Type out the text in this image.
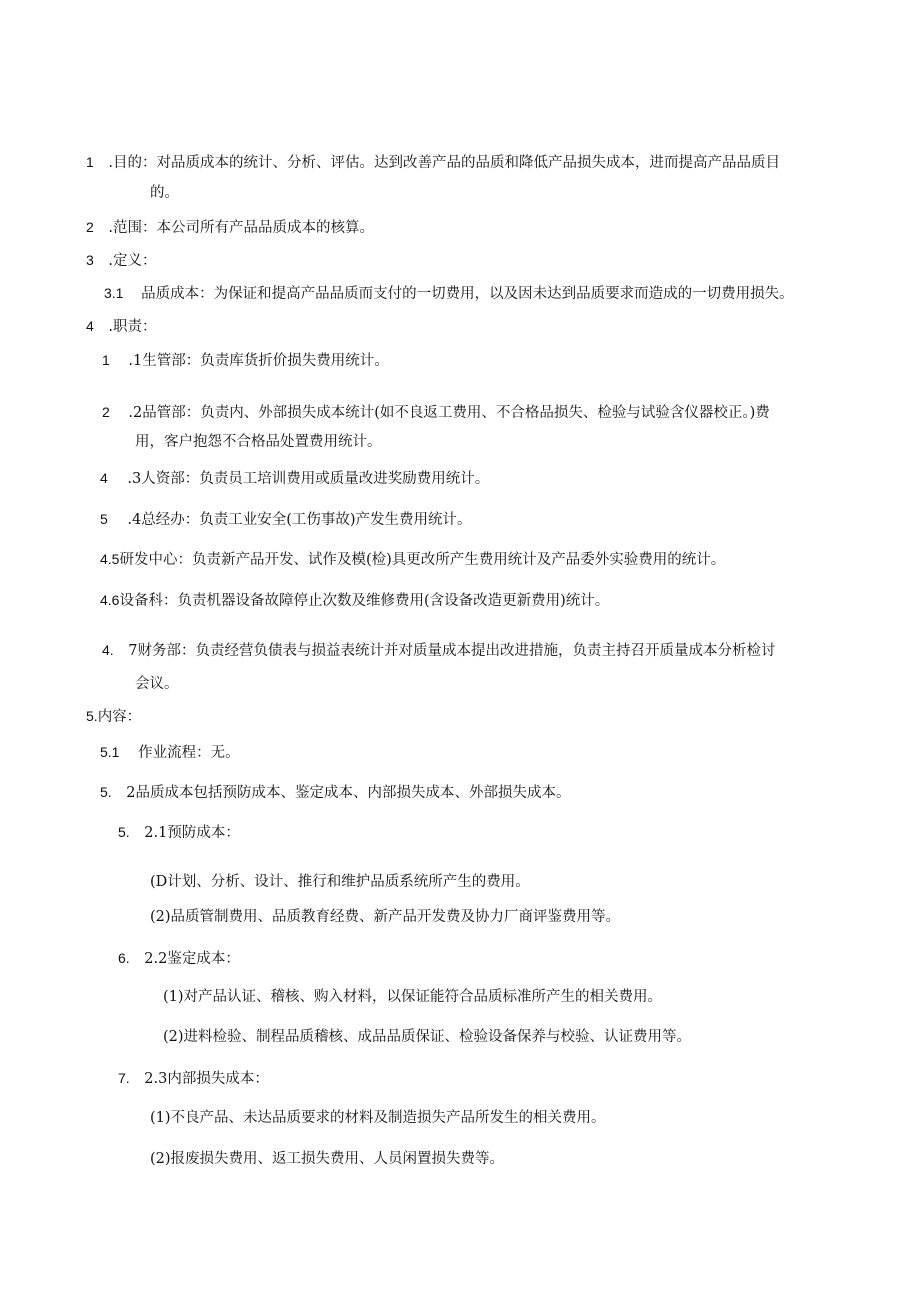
1 .目的：对品质成本的统计、分析、评估。达到改善产品的品质和降低产品损失成本，进而提高产品品质目
的。
2 .范围：本公司所有产品品质成本的核算。
3 .定义：
3.1 品质成本：为保证和提高产品品质而支付的一切费用，以及因未达到品质要求而造成的一切费用损失。
4 .职责：
1 .1生管部：负责库货折价损失费用统计。
2 .2品管部：负责内、外部损失成本统计(如不良返工费用、不合格品损失、检验与试验含仪器校正。)费
用，客户抱怨不合格品处置费用统计。
4 .3人资部：负责员工培训费用或质量改进奖励费用统计。
5 .4总经办：负责工业安全(工伤事故)产发生费用统计。
4.5研发中心：负责新产品开发、试作及模(检)具更改所产生费用统计及产品委外实验费用的统计。
4.6设备科：负责机器设备故障停止次数及维修费用(含设备改造更新费用)统计。
4. 7财务部：负责经营负债表与损益表统计并对质量成本提出改进措施，负责主持召开质量成本分析检讨
会议。
5.内容：
5.1 作业流程：无。
5. 2品质成本包括预防成本、鉴定成本、内部损失成本、外部损失成本。
5. 2.1预防成本：
(D计划、分析、设计、推行和维护品质系统所产生的费用。
(2)品质管制费用、品质教育经费、新产品开发费及协力厂商评鉴费用等。
6. 2.2鉴定成本：
(1)对产品认证、稽核、购入材料，以保证能符合品质标准所产生的相关费用。
(2)进料检验、制程品质稽核、成品品质保证、检验设备保养与校验、认证费用等。
7. 2.3内部损失成本：
(1)不良产品、未达品质要求的材料及制造损失产品所发生的相关费用。
(2)报废损失费用、返工损失费用、人员闲置损失费等。
